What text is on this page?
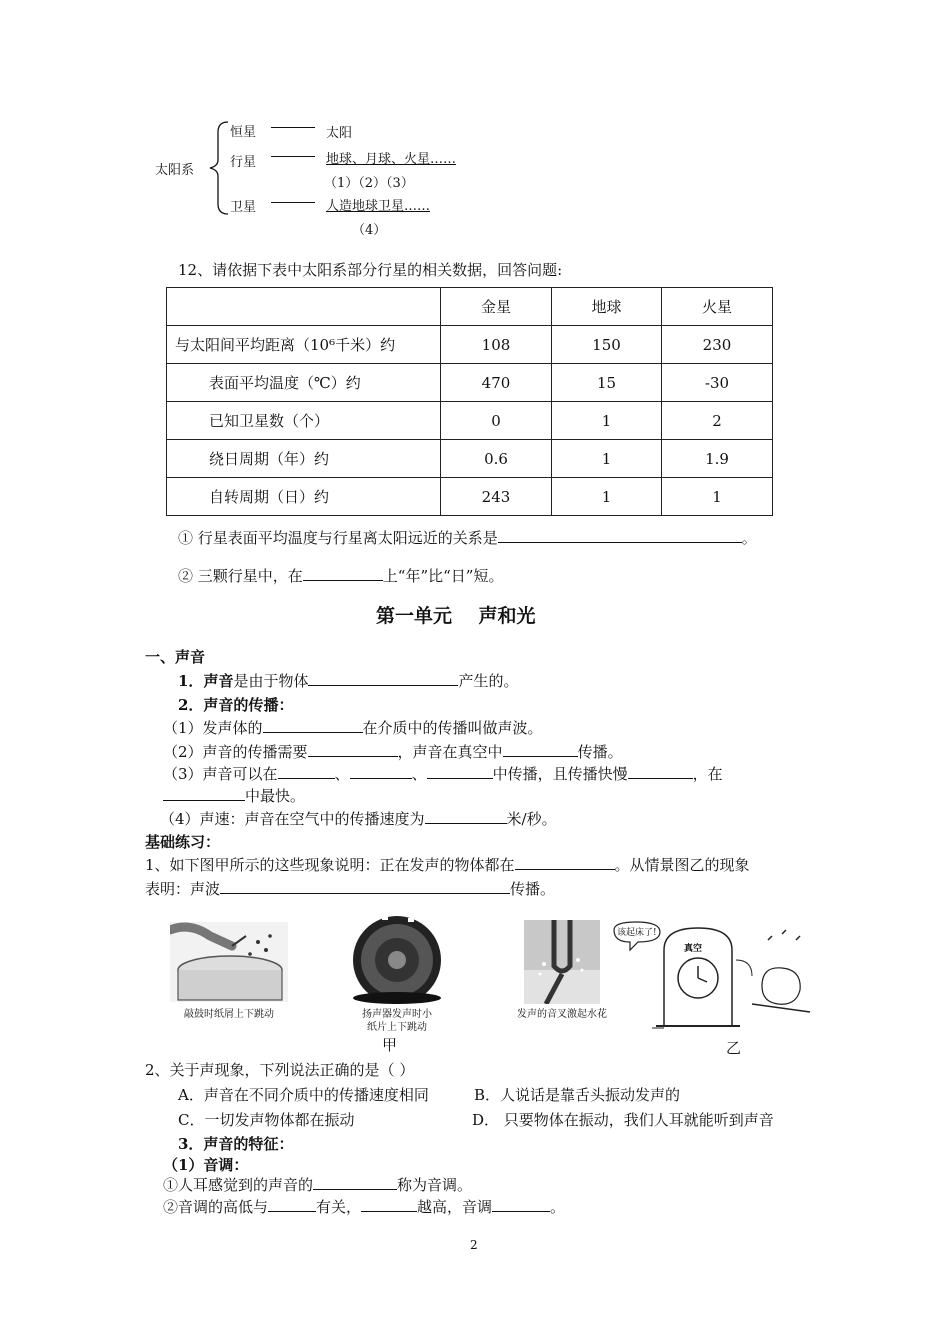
太阳系
恒星	太阳
行星	地球、月球、火星……
（1）（2）（3）
卫星	人造地球卫星……
（4）
12、请依据下表中太阳系部分行星的相关数据，回答问题:
	金星	地球	火星
与太阳间平均距离（10⁶千米）约	108	150	230
表面平均温度（℃）约	470	15	-30
已知卫星数（个）	0	1	2
绕日周期（年）约	0.6	1	1.9
自转周期（日）约	243	1	1
① 行星表面平均温度与行星离太阳远近的关系是	。
② 三颗行星中，在	上“年”比“日”短。
第一单元    声和光
一、声音
1．声音是由于物体	产生的。
2．声音的传播：
（1）发声体的	在介质中的传播叫做声波。
（2）声音的传播需要	，声音在真空中	传播。
（3）声音可以在	、	、	中传播，且传播快慢	，在
中最快。
（4）声速：声音在空气中的传播速度为	米/秒。
基础练习：
1、如下图甲所示的这些现象说明：正在发声的物体都在	。从情景图乙的现象
表明：声波	传播。
敲鼓时纸屑上下跳动	扬声器发声时小
纸片上下跳动
发声的音叉激起水花
该起床了!
真空
甲	乙
2、关于声现象，下列说法正确的是（ ）
A．声音在不同介质中的传播速度相同	B．人说话是靠舌头振动发声的
C．一切发声物体都在振动	D． 只要物体在振动，我们人耳就能听到声音
3．声音的特征：
（1）音调：
①人耳感觉到的声音的	称为音调。
②音调的高低与	有关，	越高，音调	。
2
